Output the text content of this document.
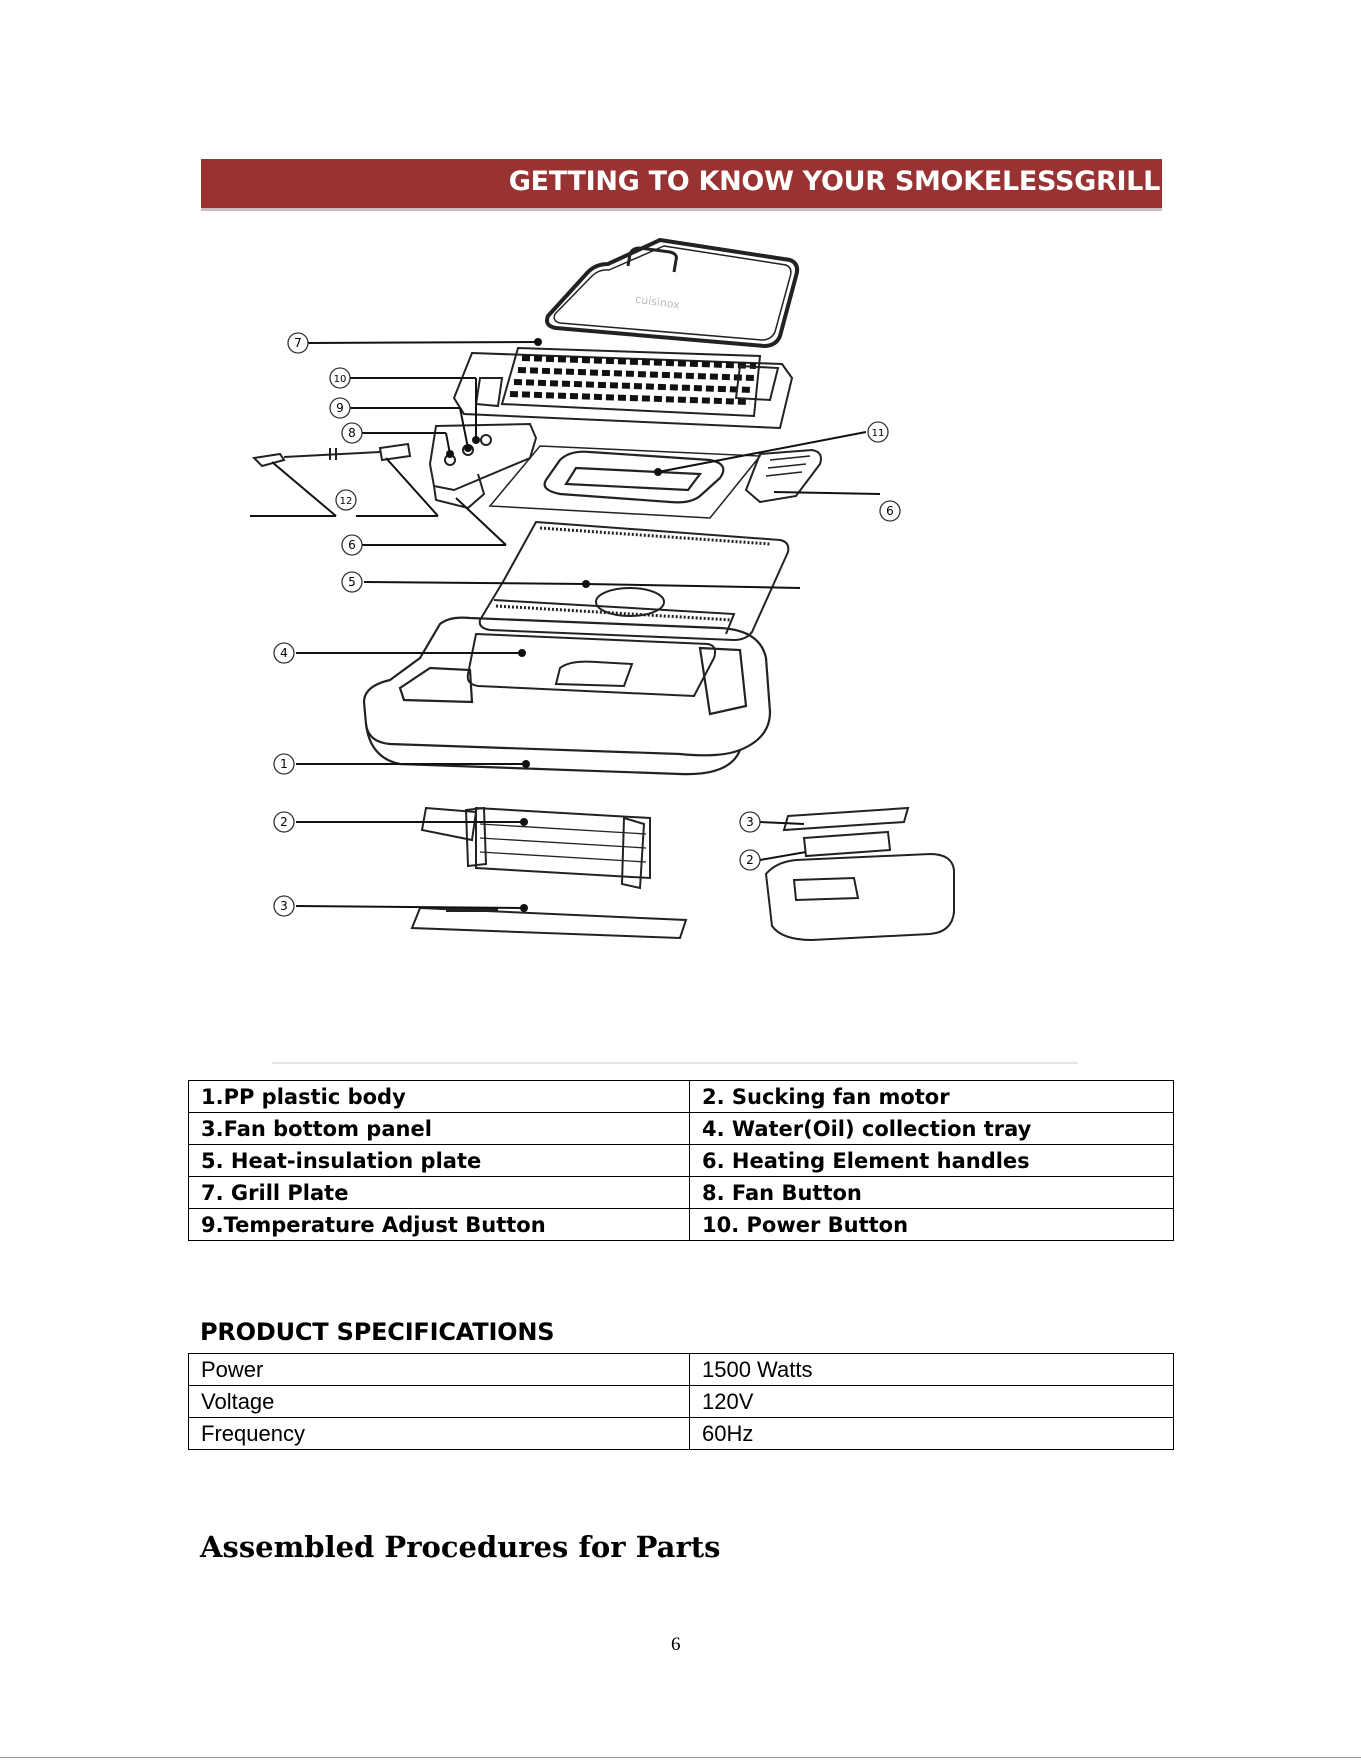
GETTING TO KNOW YOUR SMOKELESSGRILL
cuisinox
7
10
9
8
12
6
5
4
1
2
3
11
6
3
2
1.PP plastic body	2. Sucking fan motor
3.Fan bottom panel	4. Water(Oil) collection tray
5. Heat-insulation plate	6. Heating Element handles
7. Grill Plate	8. Fan Button
9.Temperature Adjust Button	10. Power Button
PRODUCT SPECIFICATIONS
Power	1500 Watts
Voltage	120V
Frequency	60Hz
Assembled Procedures for Parts
6
